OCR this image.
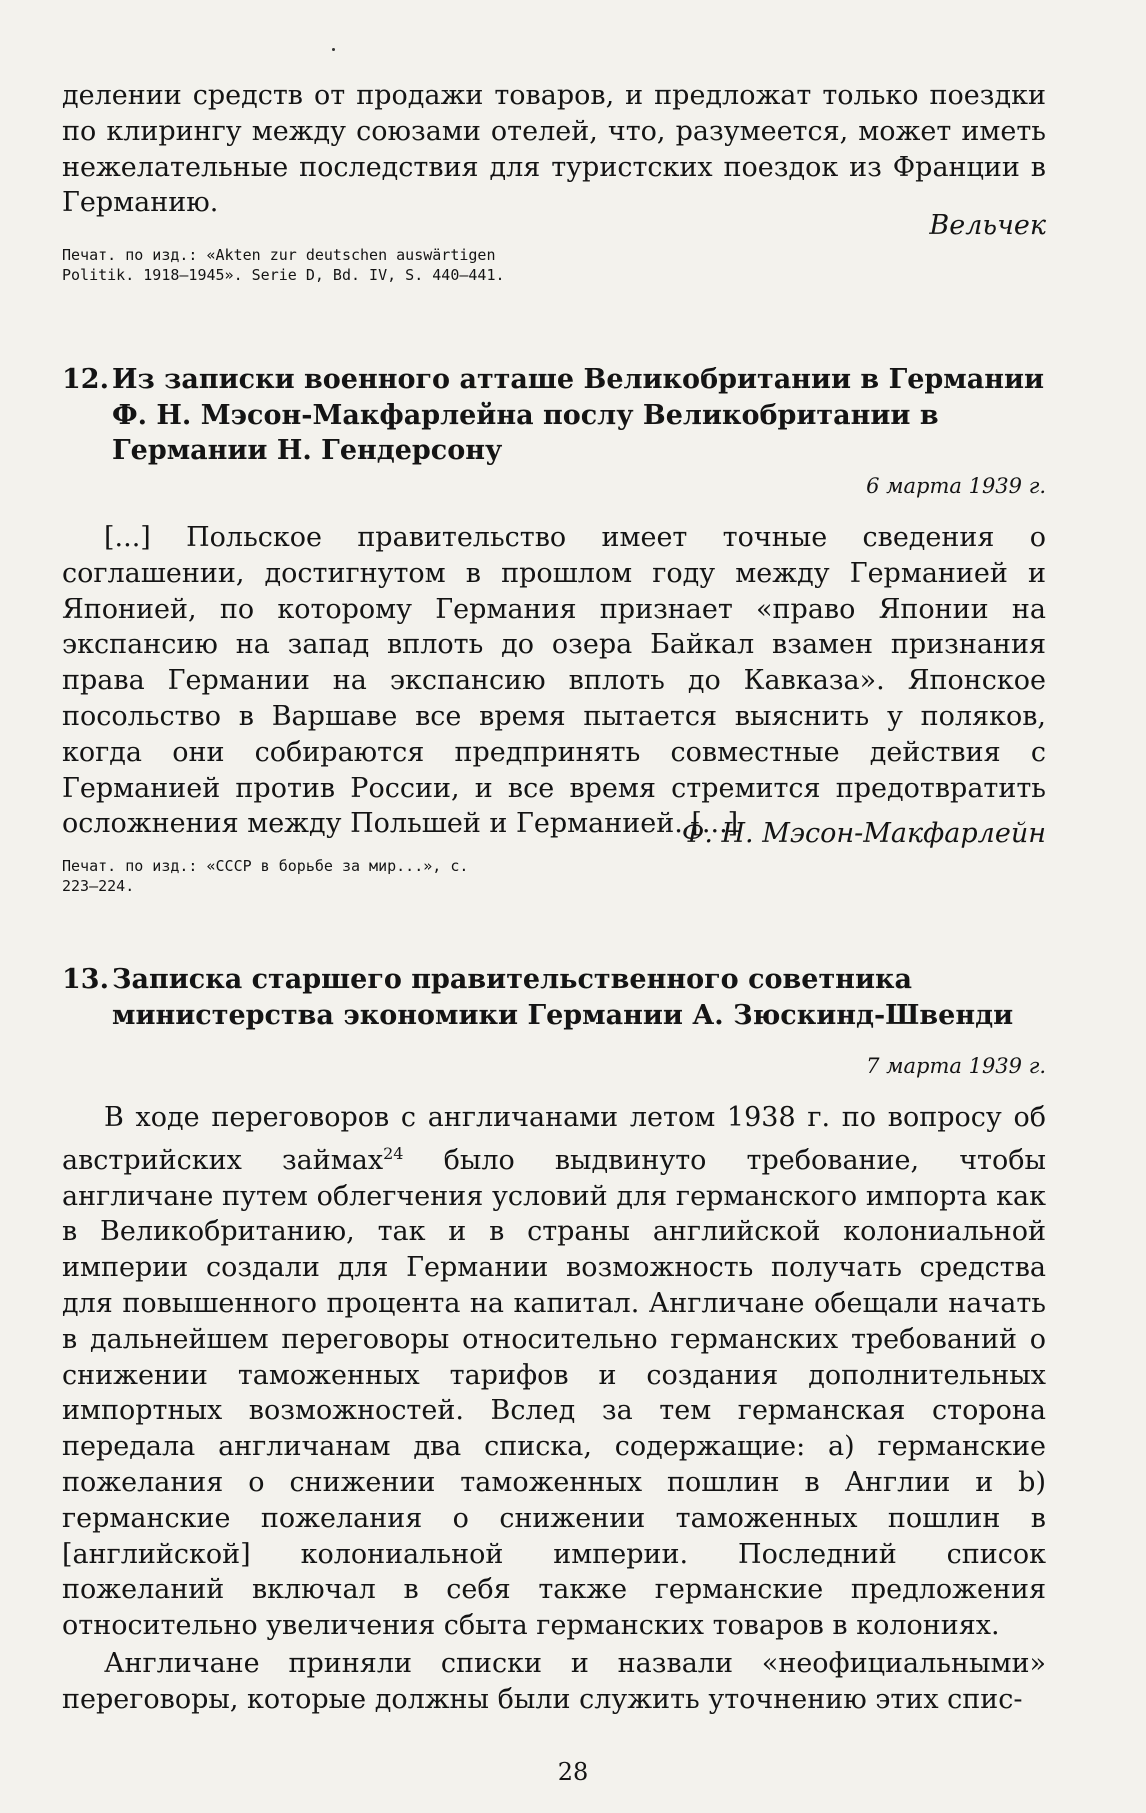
делении средств от продажи товаров, и предложат только поездки по клирингу между союзами отелей, что, разумеется, может иметь нежелательные последствия для туристских поездок из Франции в Германию.

Вельчек

Печат. по изд.: «Akten zur deutschen auswärtigen Politik. 1918—1945». Serie D, Bd. IV, S. 440—441.

12. Из записки военного атташе Великобритании в Германии Ф. Н. Мэсон-Макфарлейна послу Великобритании в Германии Н. Гендерсону

6 марта 1939 г.

[...] Польское правительство имеет точные сведения о соглашении, достигнутом в прошлом году между Германией и Японией, по которому Германия признает «право Японии на экспансию на запад вплоть до озера Байкал взамен признания права Германии на экспансию вплоть до Кавказа». Японское посольство в Варшаве все время пытается выяснить у поляков, когда они собираются предпринять совместные действия с Германией против России, и все время стремится предотвратить осложнения между Польшей и Германией. [...]

Ф. Н. Мэсон-Макфарлейн

Печат. по изд.: «СССР в борьбе за мир...», с. 223—224.

13. Записка старшего правительственного советника министерства экономики Германии А. Зюскинд-Швенди

7 марта 1939 г.

В ходе переговоров с англичанами летом 1938 г. по вопросу об австрийских займах$^{24}$ было выдвинуто требование, чтобы англичане путем облегчения условий для германского импорта как в Великобританию, так и в страны английской колониальной империи создали для Германии возможность получать средства для повышенного процента на капитал. Англичане обещали начать в дальнейшем переговоры относительно германских требований о снижении таможенных тарифов и создания дополнительных импортных возможностей. Вслед за тем германская сторона передала англичанам два списка, содержащие: a) германские пожелания о снижении таможенных пошлин в Англии и b) германские пожелания о снижении таможенных пошлин в [английской] колониальной империи. Последний список пожеланий включал в себя также германские предложения относительно увеличения сбыта германских товаров в колониях.

Англичане приняли списки и назвали «неофициальными» переговоры, которые должны были служить уточнению этих спис-

28
